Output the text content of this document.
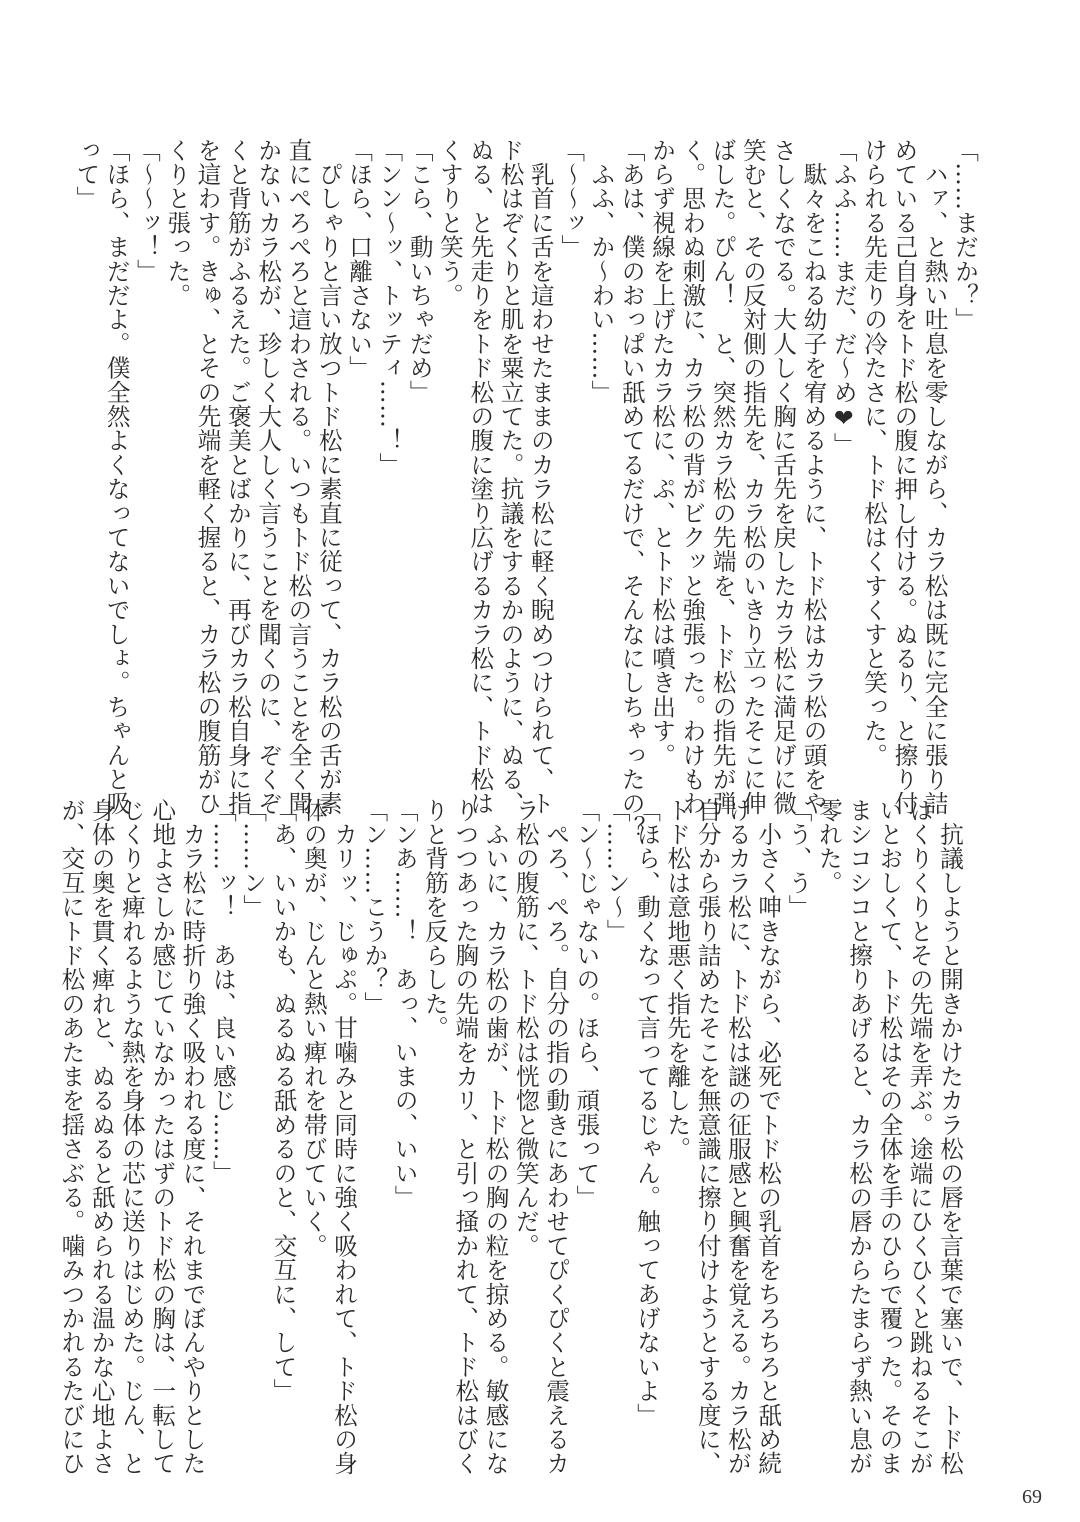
「……まだか？」
　ハァ、と熱い吐息を零しながら、カラ松は既に完全に張り詰
めている己自身をトド松の腹に押し付ける。ぬるり、と擦り付
けられる先走りの冷たさに、トド松はくすくすと笑った。
「ふふ……まだ、だ～め❤」
　駄々をこねる幼子を宥めるように、トド松はカラ松の頭をや
さしくなでる。大人しく胸に舌先を戻したカラ松に満足げに微
笑むと、その反対側の指先を、カラ松のいきり立ったそこに伸
ばした。ぴん！　と、突然カラ松の先端を、トド松の指先が弾
く。思わぬ刺激に、カラ松の背がビクッと強張った。わけもわ
からず視線を上げたカラ松に、ぷ、とトド松は噴き出す。
「あは、僕のおっぱい舐めてるだけで、そんなにしちゃったの？
　ふふ、か～わい……」
「～～ッ」
　乳首に舌を這わせたままのカラ松に軽く睨めつけられて、ト
ド松はぞくりと肌を粟立てた。抗議をするかのように、ぬる、
ぬる、と先走りをトド松の腹に塗り広げるカラ松に、トド松は
くすりと笑う。
「こら、動いちゃだめ」
「ンン～ッ、トッティ……！」
「ほら、口離さない」
　ぴしゃりと言い放つトド松に素直に従って、カラ松の舌が素
直にぺろぺろと這わされる。いつもトド松の言うことを全く聞
かないカラ松が、珍しく大人しく言うことを聞くのに、ぞくぞ
くと背筋がふるえた。ご褒美とばかりに、再びカラ松自身に指
を這わす。きゅ、とその先端を軽く握ると、カラ松の腹筋がひ
くりと張った。
「～～ッ！」
「ほら、まだだよ。僕全然よくなってないでしょ。ちゃんと吸
って」
　抗議しようと開きかけたカラ松の唇を言葉で塞いで、トド松
はくりくりとその先端を弄ぶ。途端にひくひくと跳ねるそこが
いとおしくて、トド松はその全体を手のひらで覆った。そのま
まシコシコと擦りあげると、カラ松の唇からたまらず熱い息が
零れた。
「う、う」
　小さく呻きながら、必死でトド松の乳首をちろちろと舐め続
けるカラ松に、トド松は謎の征服感と興奮を覚える。カラ松が
自分から張り詰めたそこを無意識に擦り付けようとする度に、
トド松は意地悪く指先を離した。
「ほら、動くなって言ってるじゃん。触ってあげないよ」
「……ン～」
「ン～じゃないの。ほら、頑張って」
　ぺろ、ぺろ。自分の指の動きにあわせてぴくぴくと震えるカ
ラ松の腹筋に、トド松は恍惚と微笑んだ。
　ふいに、カラ松の歯が、トド松の胸の粒を掠める。敏感にな
りつつあった胸の先端をカリ、と引っ掻かれて、トド松はびく
りと背筋を反らした。
「ンあ……！　あっ、いまの、いい」
「ン……こうか？」
　カリッ、じゅぷ。甘噛みと同時に強く吸われて、トド松の身
体の奥が、じんと熱い痺れを帯びていく。
「あ、いいかも、ぬるぬる舐めるのと、交互に、して」
「……ン」
「……ッ！　あは、良い感じ……」
　カラ松に時折り強く吸われる度に、それまでぼんやりとした
心地よさしか感じていなかったはずのトド松の胸は、一転して
じくりと痺れるような熱を身体の芯に送りはじめた。じん、と
身体の奥を貫く痺れと、ぬるぬると舐められる温かな心地よさ
が、交互にトド松のあたまを揺さぶる。噛みつかれるたびにひ
69
